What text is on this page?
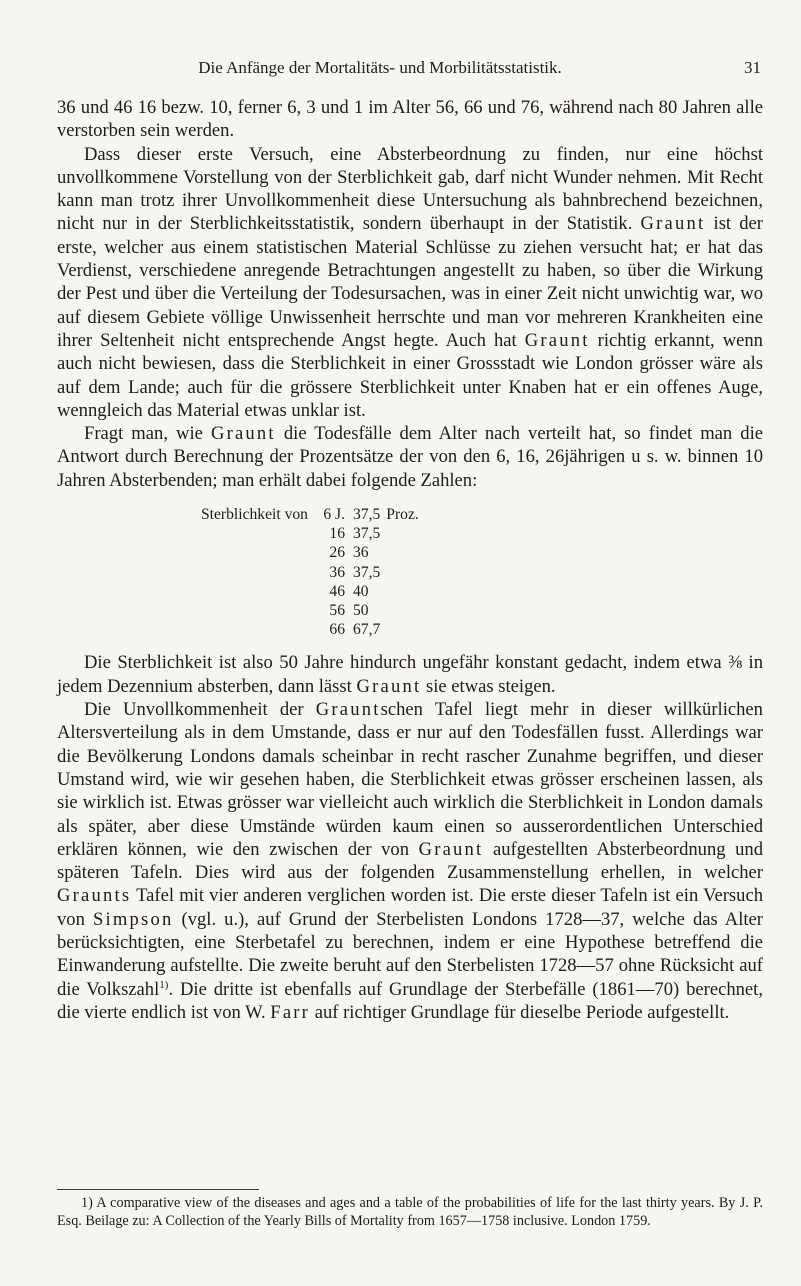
Die Anfänge der Mortalitäts- und Morbilitätsstatistik.	31

36 und 46 16 bezw. 10, ferner 6, 3 und 1 im Alter 56, 66 und 76, während nach 80 Jahren alle verstorben sein werden.

Dass dieser erste Versuch, eine Absterbeordnung zu finden, nur eine höchst unvollkommene Vorstellung von der Sterblichkeit gab, darf nicht Wunder nehmen. Mit Recht kann man trotz ihrer Unvollkommenheit diese Untersuchung als bahnbrechend bezeichnen, nicht nur in der Sterblichkeitsstatistik, sondern überhaupt in der Statistik. Graunt ist der erste, welcher aus einem statistischen Material Schlüsse zu ziehen versucht hat; er hat das Verdienst, verschiedene anregende Betrachtungen angestellt zu haben, so über die Wirkung der Pest und über die Verteilung der Todesursachen, was in einer Zeit nicht unwichtig war, wo auf diesem Gebiete völlige Unwissenheit herrschte und man vor mehreren Krankheiten eine ihrer Seltenheit nicht entsprechende Angst hegte. Auch hat Graunt richtig erkannt, wenn auch nicht bewiesen, dass die Sterblichkeit in einer Grossstadt wie London grösser wäre als auf dem Lande; auch für die grössere Sterblichkeit unter Knaben hat er ein offenes Auge, wenngleich das Material etwas unklar ist.

Fragt man, wie Graunt die Todesfälle dem Alter nach verteilt hat, so findet man die Antwort durch Berechnung der Prozentsätze der von den 6, 16, 26jährigen u s. w. binnen 10 Jahren Absterbenden; man erhält dabei folgende Zahlen:

Sterblichkeit von	6 J.	37,5	Proz.
	16	37,5	
	26	36	
	36	37,5	
	46	40	
	56	50	
	66	67,7	

Die Sterblichkeit ist also 50 Jahre hindurch ungefähr konstant gedacht, indem etwa ⅜ in jedem Dezennium absterben, dann lässt Graunt sie etwas steigen.

Die Unvollkommenheit der Grauntschen Tafel liegt mehr in dieser willkürlichen Altersverteilung als in dem Umstande, dass er nur auf den Todesfällen fusst. Allerdings war die Bevölkerung Londons damals scheinbar in recht rascher Zunahme begriffen, und dieser Umstand wird, wie wir gesehen haben, die Sterblichkeit etwas grösser erscheinen lassen, als sie wirklich ist. Etwas grösser war vielleicht auch wirklich die Sterblichkeit in London damals als später, aber diese Umstände würden kaum einen so ausserordentlichen Unterschied erklären können, wie den zwischen der von Graunt aufgestellten Absterbeordnung und späteren Tafeln. Dies wird aus der folgenden Zusammenstellung erhellen, in welcher Graunts Tafel mit vier anderen verglichen worden ist. Die erste dieser Tafeln ist ein Versuch von Simpson (vgl. u.), auf Grund der Sterbelisten Londons 1728—37, welche das Alter berücksichtigten, eine Sterbetafel zu berechnen, indem er eine Hypothese betreffend die Einwanderung aufstellte. Die zweite beruht auf den Sterbelisten 1728—57 ohne Rücksicht auf die Volkszahl$^{1)}$. Die dritte ist ebenfalls auf Grundlage der Sterbefälle (1861—70) berechnet, die vierte endlich ist von W. Farr auf richtiger Grundlage für dieselbe Periode aufgestellt.

1) A comparative view of the diseases and ages and a table of the probabilities of life for the last thirty years. By J. P. Esq. Beilage zu: A Collection of the Yearly Bills of Mortality from 1657—1758 inclusive. London 1759.
